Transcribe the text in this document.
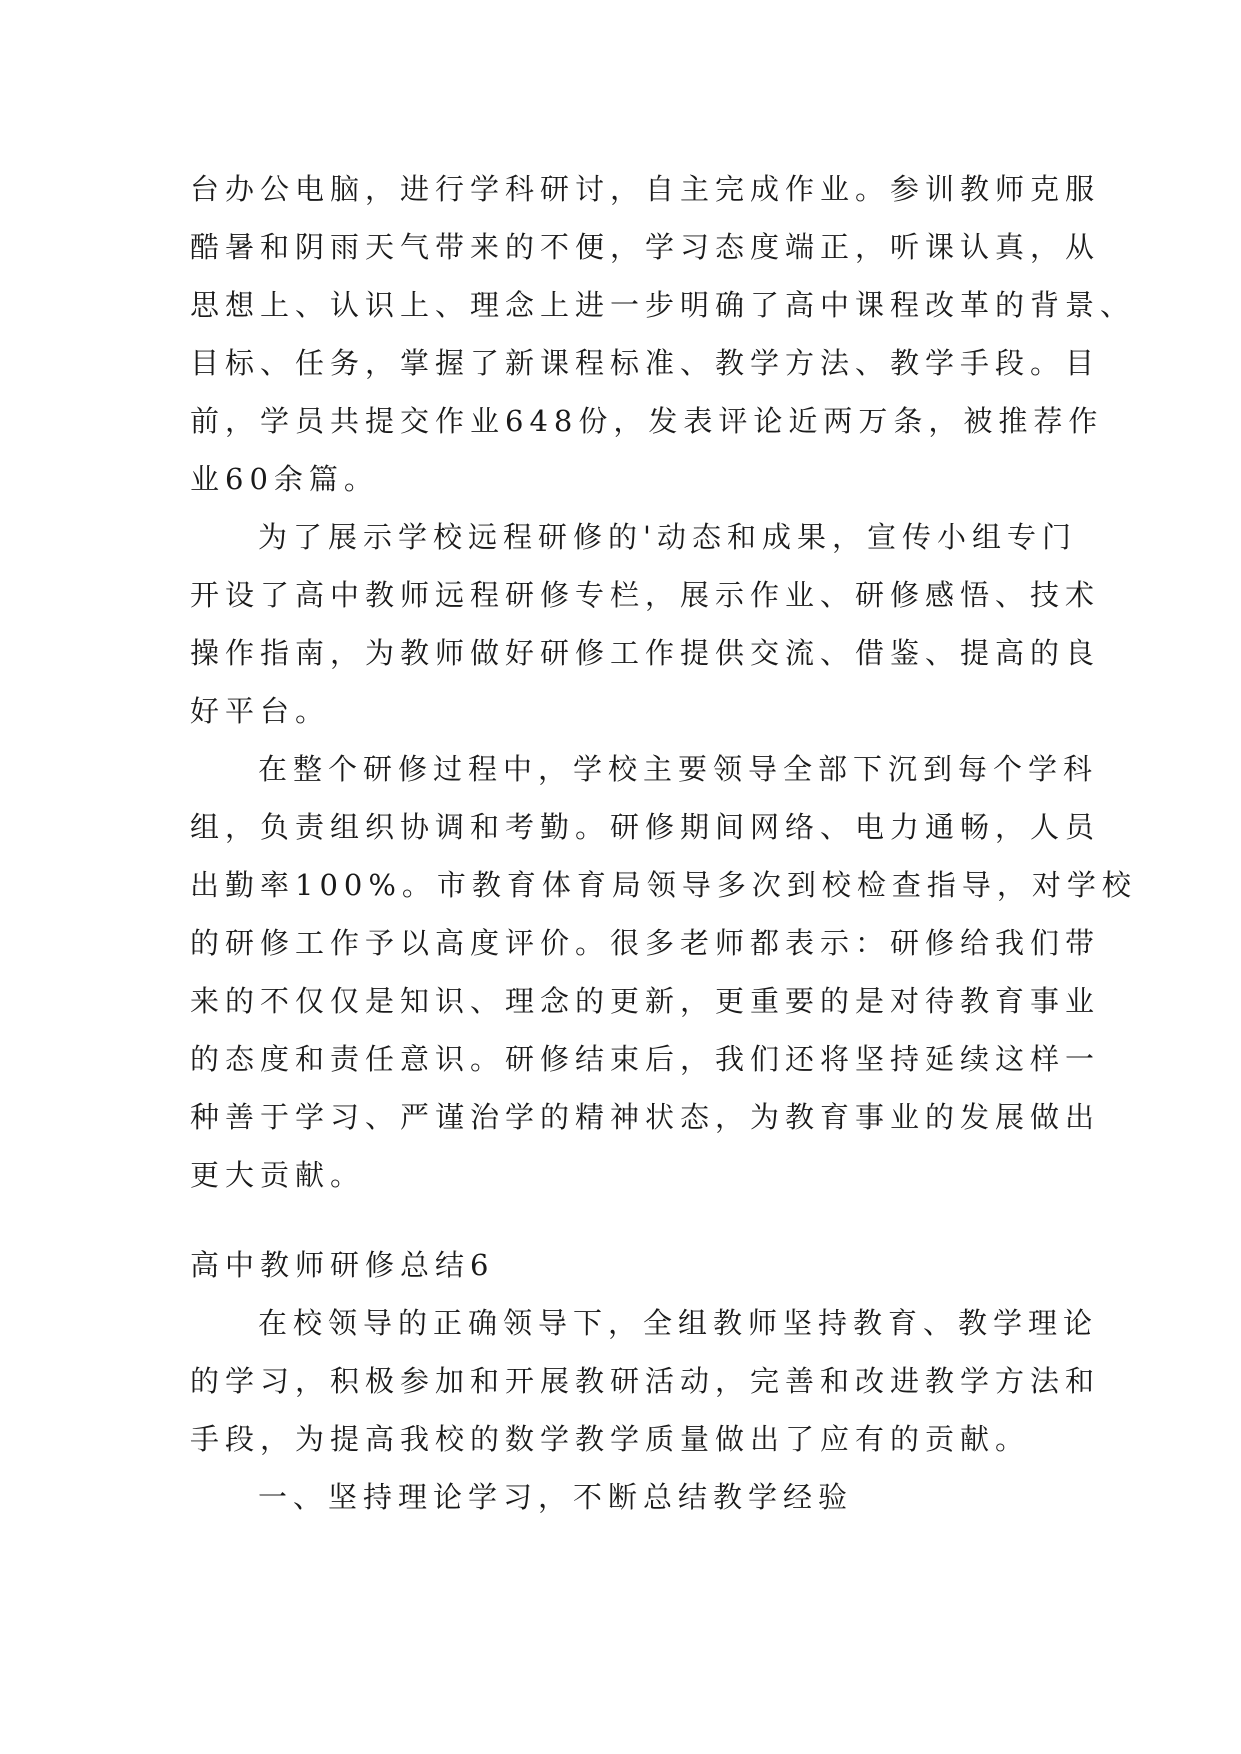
台办公电脑，进行学科研讨，自主完成作业。参训教师克服
酷暑和阴雨天气带来的不便，学习态度端正，听课认真，从
思想上、认识上、理念上进一步明确了高中课程改革的背景、
目标、任务，掌握了新课程标准、教学方法、教学手段。目
前，学员共提交作业648份，发表评论近两万条，被推荐作
业60余篇。
为了展示学校远程研修的'动态和成果，宣传小组专门
开设了高中教师远程研修专栏，展示作业、研修感悟、技术
操作指南，为教师做好研修工作提供交流、借鉴、提高的良
好平台。
在整个研修过程中，学校主要领导全部下沉到每个学科
组，负责组织协调和考勤。研修期间网络、电力通畅，人员
出勤率100%。市教育体育局领导多次到校检查指导，对学校
的研修工作予以高度评价。很多老师都表示：研修给我们带
来的不仅仅是知识、理念的更新，更重要的是对待教育事业
的态度和责任意识。研修结束后，我们还将坚持延续这样一
种善于学习、严谨治学的精神状态，为教育事业的发展做出
更大贡献。
高中教师研修总结6
在校领导的正确领导下，全组教师坚持教育、教学理论
的学习，积极参加和开展教研活动，完善和改进教学方法和
手段，为提高我校的数学教学质量做出了应有的贡献。
一、坚持理论学习，不断总结教学经验
